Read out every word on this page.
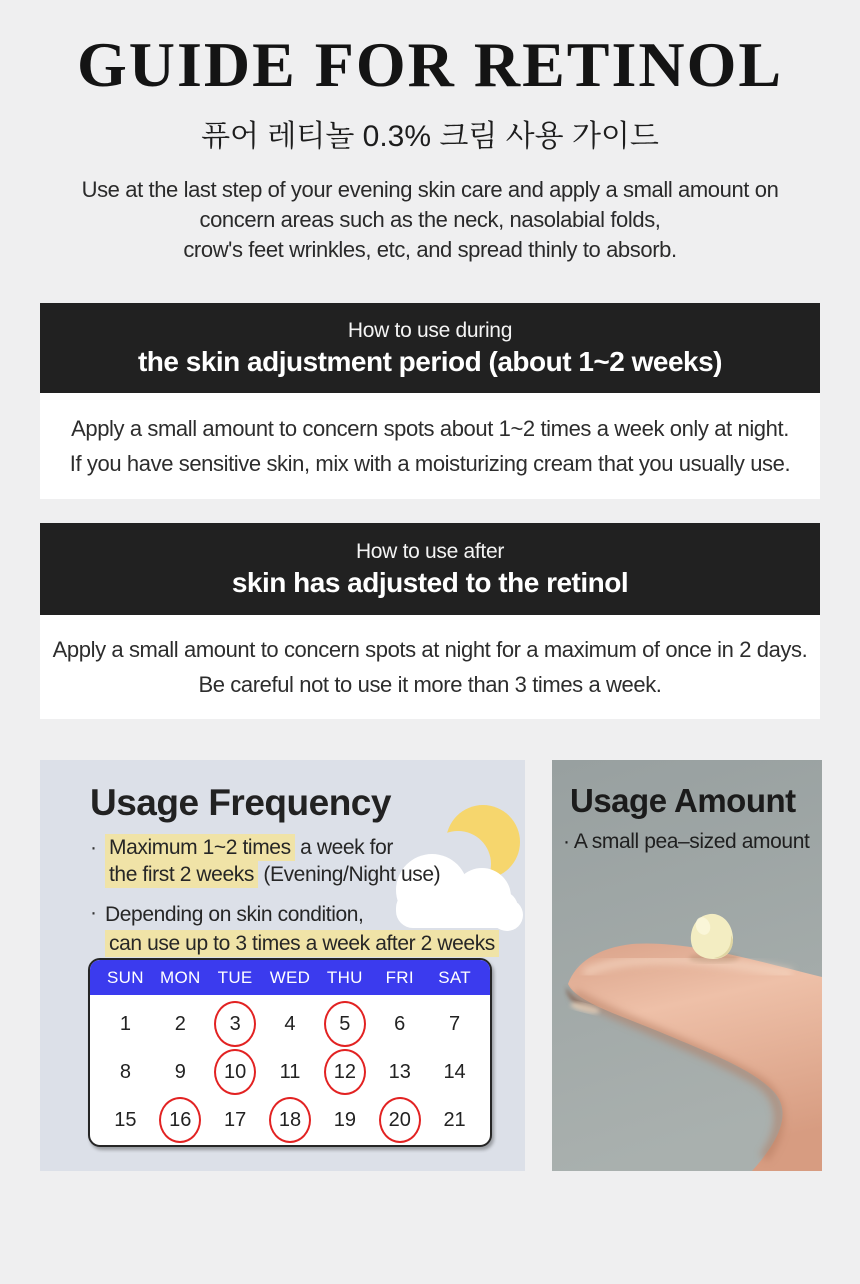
GUIDE FOR RETINOL
퓨어 레티놀 0.3% 크림 사용 가이드
Use at the last step of your evening skin care and apply a small amount on
concern areas such as the neck, nasolabial folds,
crow's feet wrinkles, etc, and spread thinly to absorb.
How to use during
the skin adjustment period (about 1~2 weeks)
Apply a small amount to concern spots about 1~2 times a week only at night.
If you have sensitive skin, mix with a moisturizing cream that you usually use.
How to use after
skin has adjusted to the retinol
Apply a small amount to concern spots at night for a maximum of once in 2 days.
Be careful not to use it more than 3 times a week.
Usage Frequency
· Maximum 1~2 times a week for
the first 2 weeks (Evening/Night use)
· Depending on skin condition,
can use up to 3 times a week after 2 weeks
SUN MON	TUE	WED THU	FRI	SAT
1	2	3	4	5	6	7
8	9	10	11	12	13	14
15	16	17	18	19	20	21
Usage Amount
· A small pea–sized amount
